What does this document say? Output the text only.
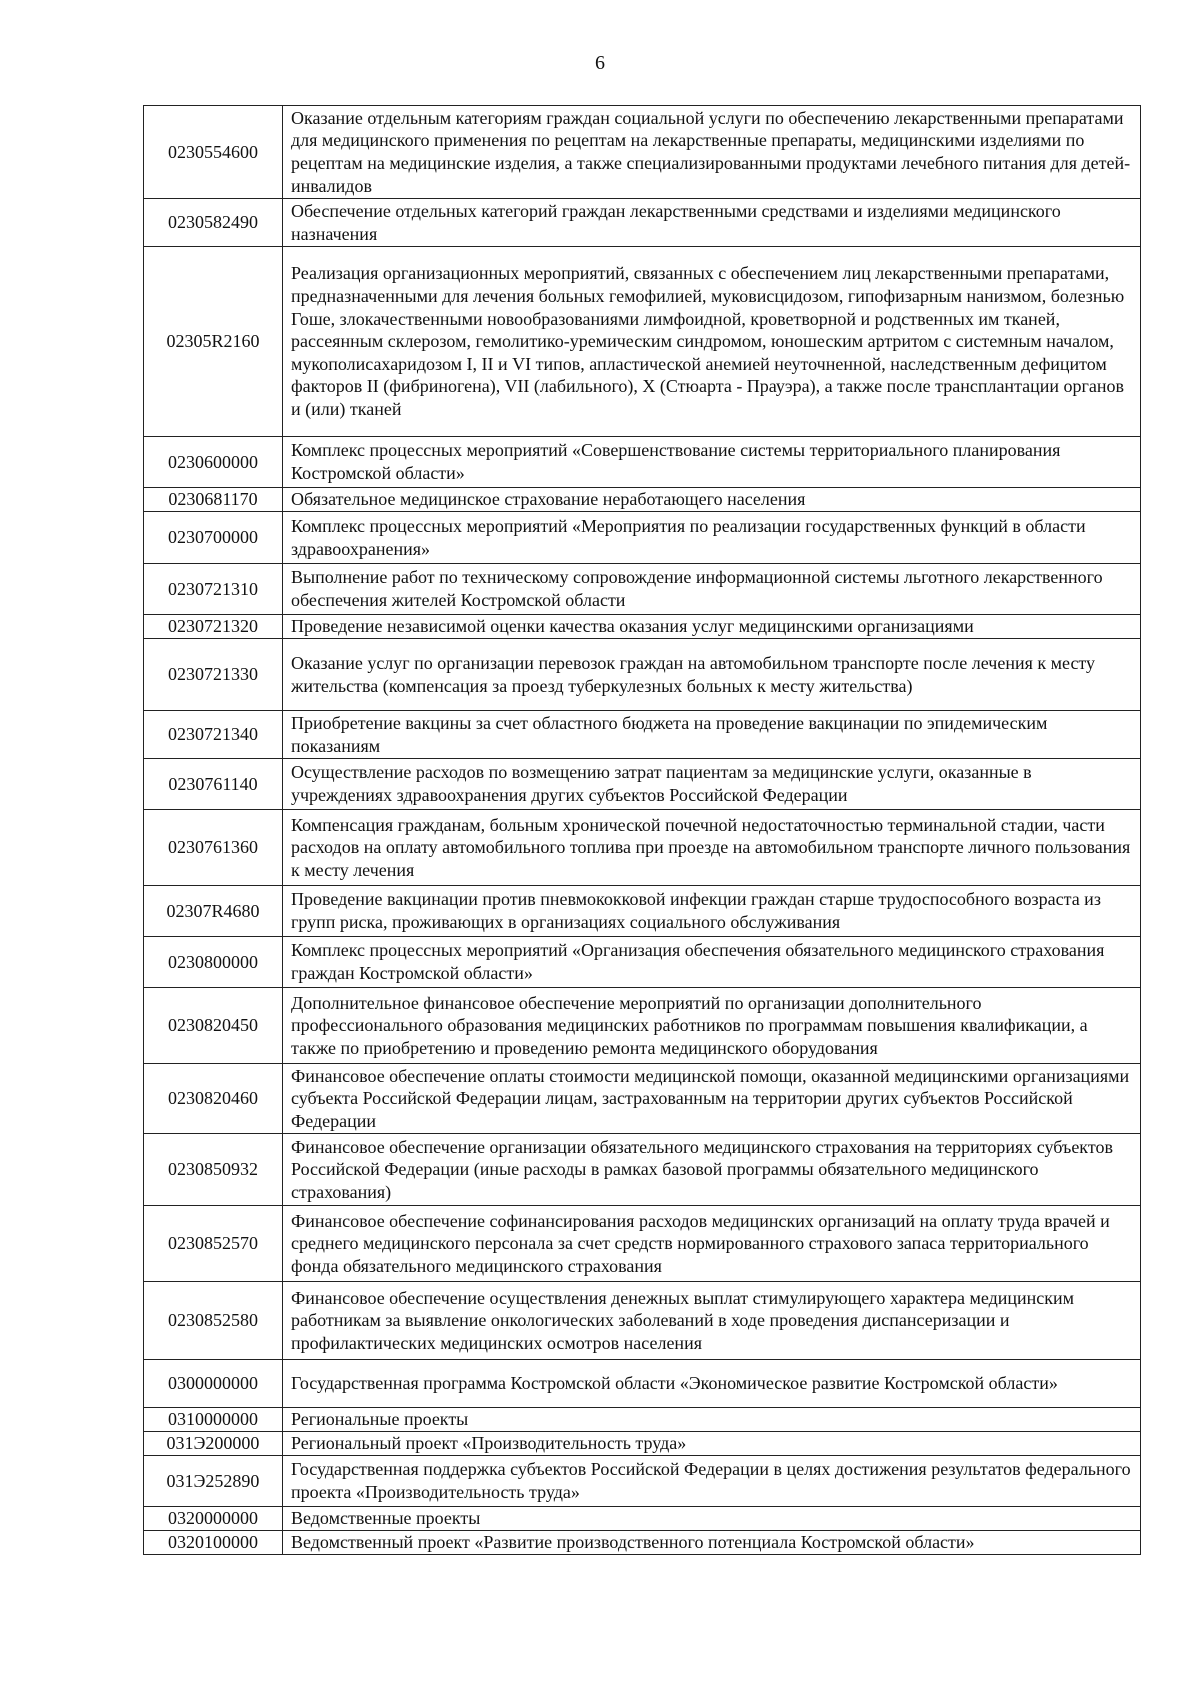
6
0230554600	Оказание отдельным категориям граждан социальной услуги по обеспечению лекарственными препаратами для медицинского применения по рецептам на лекарственные препараты, медицинскими изделиями по рецептам на медицинские изделия, а также специализированными продуктами лечебного питания для детей-инвалидов
0230582490	Обеспечение отдельных категорий граждан лекарственными средствами и изделиями медицинского назначения
02305R2160	Реализация организационных мероприятий, связанных с обеспечением лиц лекарственными препаратами, предназначенными для лечения больных гемофилией, муковисцидозом, гипофизарным нанизмом, болезнью Гоше, злокачественными новообразованиями лимфоидной, кроветворной и родственных им тканей, рассеянным склерозом, гемолитико-уремическим синдромом, юношеским артритом с системным началом, мукополисахаридозом I, II и VI типов, апластической анемией неуточненной, наследственным дефицитом факторов II (фибриногена), VII (лабильного), X (Стюарта - Прауэра), а также после трансплантации органов и (или) тканей
0230600000	Комплекс процессных мероприятий «Совершенствование системы территориального планирования Костромской области»
0230681170	Обязательное медицинское страхование неработающего населения
0230700000	Комплекс процессных мероприятий «Мероприятия по реализации государственных функций в области здравоохранения»
0230721310	Выполнение работ по техническому сопровождение информационной системы льготного лекарственного обеспечения жителей Костромской области
0230721320	Проведение независимой оценки качества оказания услуг медицинскими организациями
0230721330	Оказание услуг по организации перевозок граждан на автомобильном транспорте после лечения к месту жительства (компенсация за проезд туберкулезных больных к месту жительства)
0230721340	Приобретение вакцины за счет областного бюджета на проведение вакцинации по эпидемическим показаниям
0230761140	Осуществление расходов по возмещению затрат пациентам за медицинские услуги, оказанные в учреждениях здравоохранения других субъектов Российской Федерации
0230761360	Компенсация гражданам, больным хронической почечной недостаточностью терминальной стадии, части расходов на оплату автомобильного топлива при проезде на автомобильном транспорте личного пользования к месту лечения
02307R4680	Проведение вакцинации против пневмококковой инфекции граждан старше трудоспособного возраста из групп риска, проживающих в организациях социального обслуживания
0230800000	Комплекс процессных мероприятий «Организация обеспечения обязательного медицинского страхования граждан Костромской области»
0230820450	Дополнительное финансовое обеспечение мероприятий по организации дополнительного профессионального образования медицинских работников по программам повышения квалификации, а также по приобретению и проведению ремонта медицинского оборудования
0230820460	Финансовое обеспечение оплаты стоимости медицинской помощи, оказанной медицинскими организациями субъекта Российской Федерации лицам, застрахованным на территории других субъектов Российской Федерации
0230850932	Финансовое обеспечение организации обязательного медицинского страхования на территориях субъектов Российской Федерации (иные расходы в рамках базовой программы обязательного медицинского страхования)
0230852570	Финансовое обеспечение софинансирования расходов медицинских организаций на оплату труда врачей и среднего медицинского персонала за счет средств нормированного страхового запаса территориального фонда обязательного медицинского страхования
0230852580	Финансовое обеспечение осуществления денежных выплат стимулирующего характера медицинским работникам за выявление онкологических заболеваний в ходе проведения диспансеризации и профилактических медицинских осмотров населения
0300000000	Государственная программа Костромской области «Экономическое развитие Костромской области»
0310000000	Региональные проекты
031Э200000	Региональный проект «Производительность труда»
031Э252890	Государственная поддержка субъектов Российской Федерации в целях достижения результатов федерального проекта «Производительность труда»
0320000000	Ведомственные проекты
0320100000	Ведомственный проект «Развитие производственного потенциала Костромской области»
